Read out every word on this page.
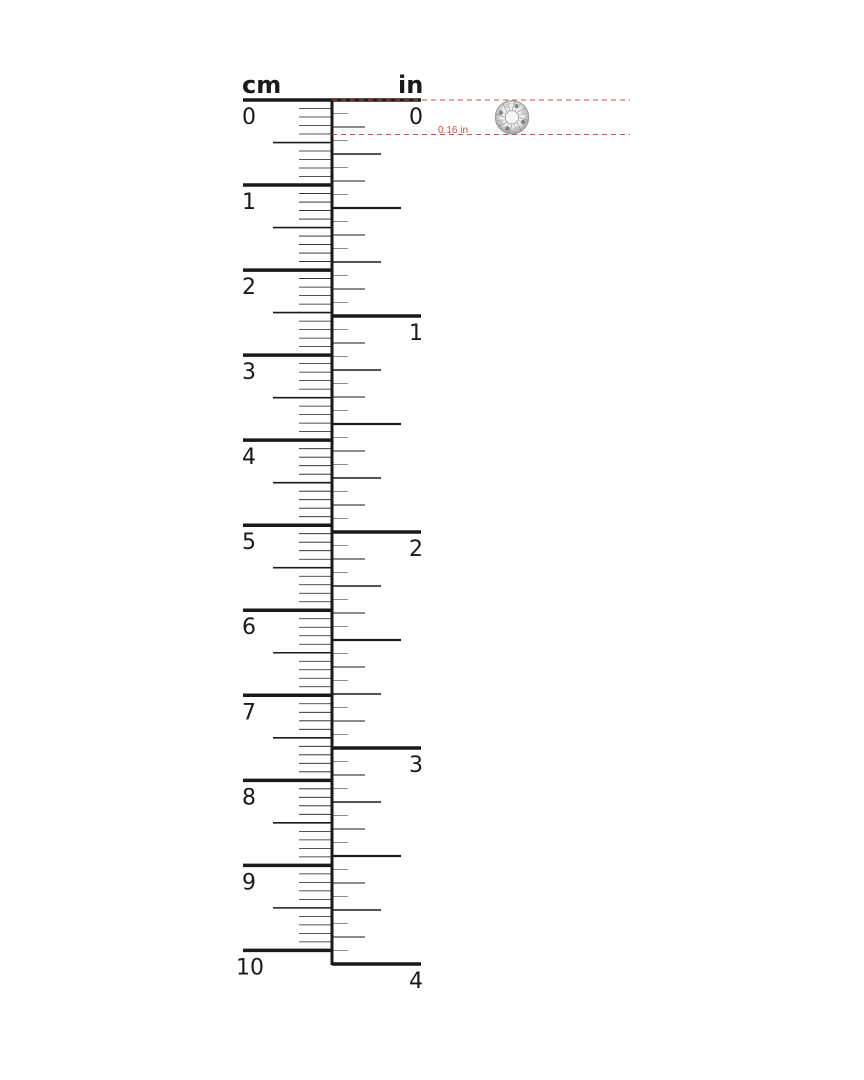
cm	in
0
1
2
3
4
5
6
7
8
9
10
0
1
2
3
4
0.16 in
